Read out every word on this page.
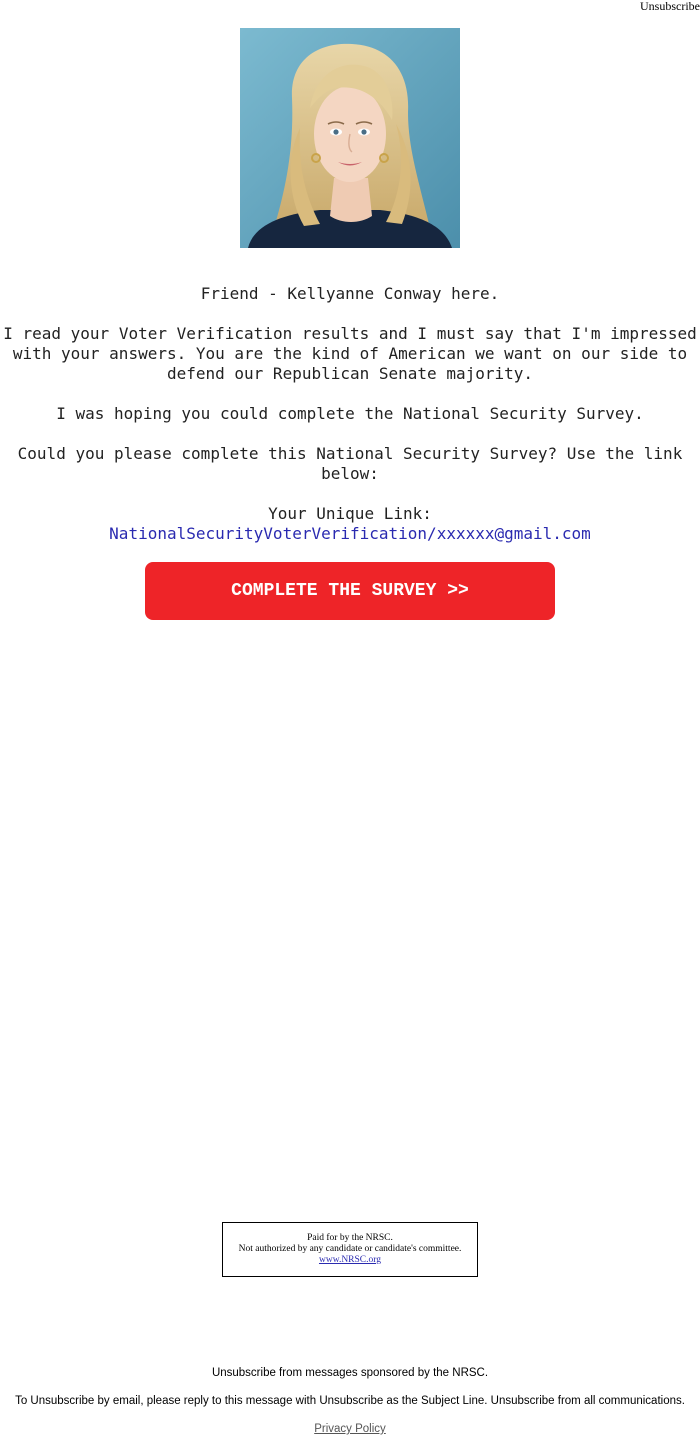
Unsubscribe

Friend - Kellyanne Conway here.

I read your Voter Verification results and I must say that I'm impressed with your answers. You are the kind of American we want on our side to defend our Republican Senate majority.

I was hoping you could complete the National Security Survey.

Could you please complete this National Security Survey? Use the link below:

Your Unique Link:
NationalSecurityVoterVerification/xxxxxx@gmail.com

COMPLETE THE SURVEY >>
Paid for by the NRSC.
Not authorized by any candidate or candidate's committee.
www.NRSC.org
Unsubscribe from messages sponsored by the NRSC.
To Unsubscribe by email, please reply to this message with Unsubscribe as the Subject Line. Unsubscribe from all communications.
Privacy Policy
